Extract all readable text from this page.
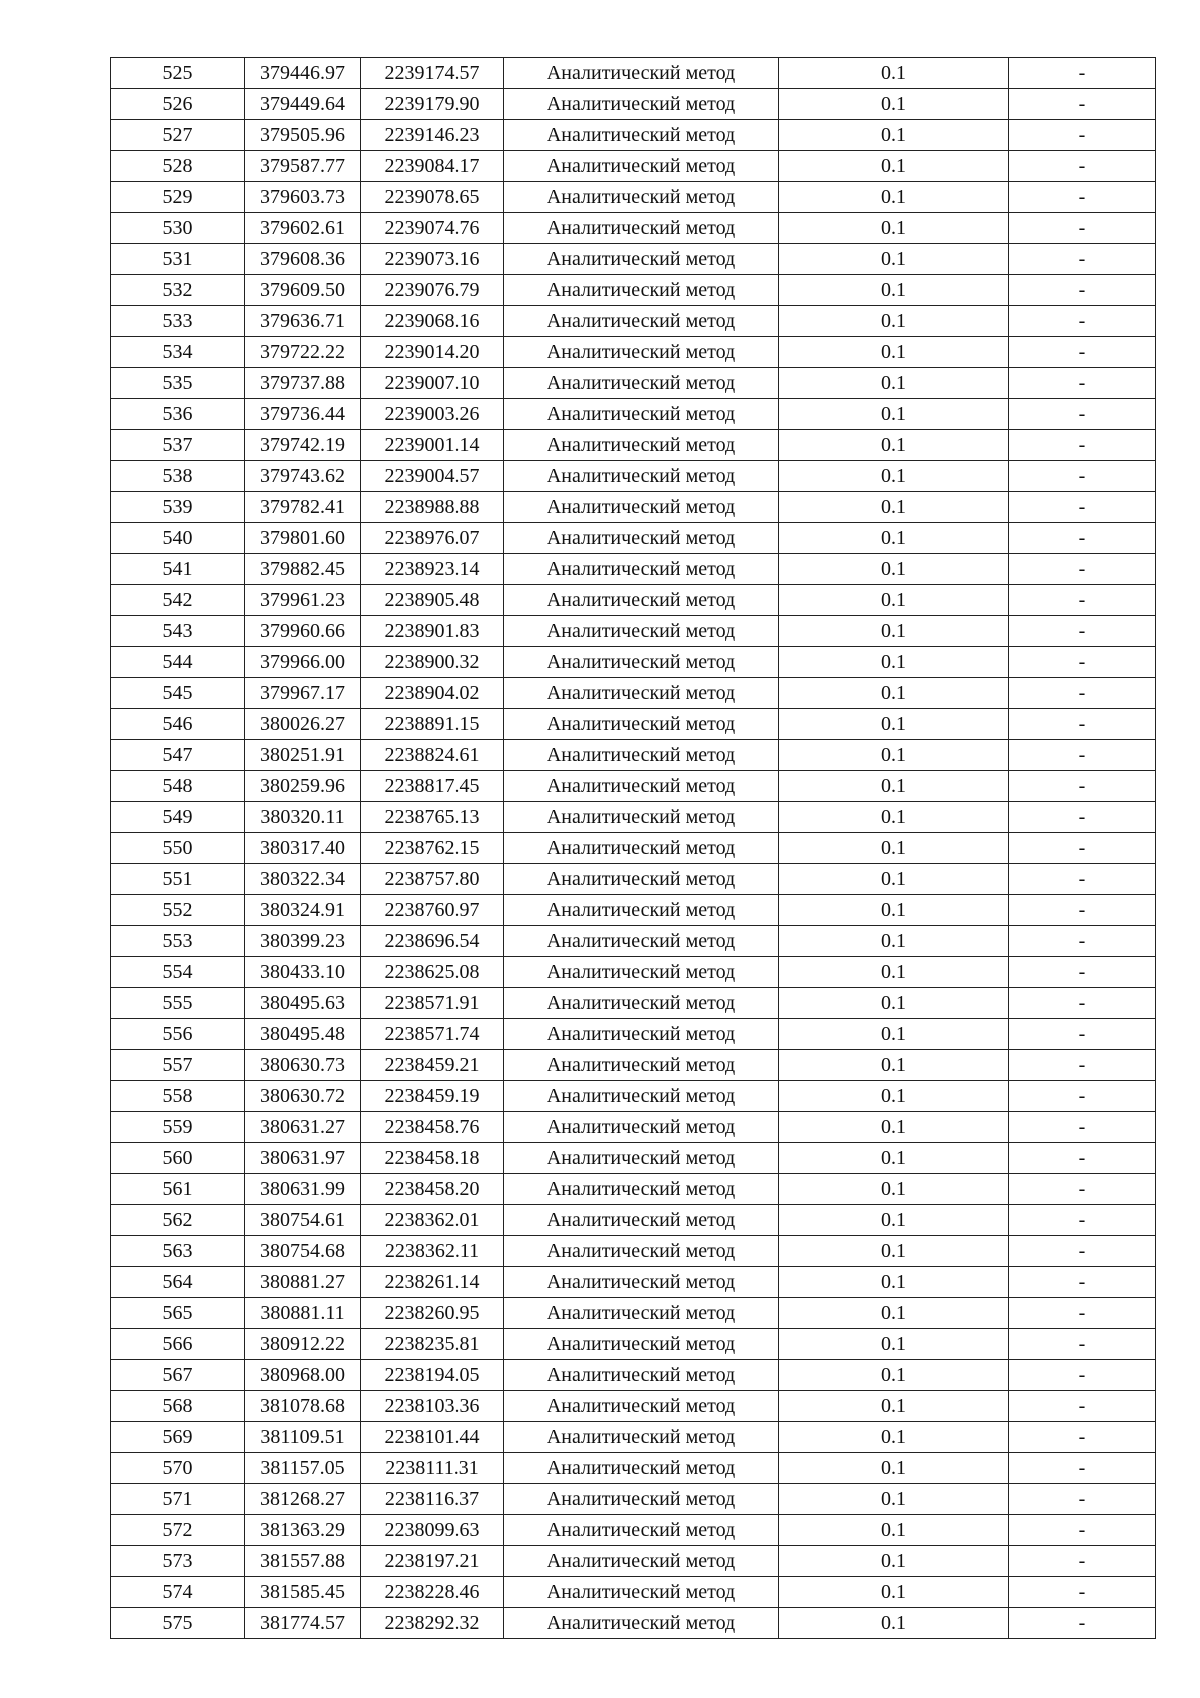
525	379446.97	2239174.57	Аналитический метод	0.1	-
526	379449.64	2239179.90	Аналитический метод	0.1	-
527	379505.96	2239146.23	Аналитический метод	0.1	-
528	379587.77	2239084.17	Аналитический метод	0.1	-
529	379603.73	2239078.65	Аналитический метод	0.1	-
530	379602.61	2239074.76	Аналитический метод	0.1	-
531	379608.36	2239073.16	Аналитический метод	0.1	-
532	379609.50	2239076.79	Аналитический метод	0.1	-
533	379636.71	2239068.16	Аналитический метод	0.1	-
534	379722.22	2239014.20	Аналитический метод	0.1	-
535	379737.88	2239007.10	Аналитический метод	0.1	-
536	379736.44	2239003.26	Аналитический метод	0.1	-
537	379742.19	2239001.14	Аналитический метод	0.1	-
538	379743.62	2239004.57	Аналитический метод	0.1	-
539	379782.41	2238988.88	Аналитический метод	0.1	-
540	379801.60	2238976.07	Аналитический метод	0.1	-
541	379882.45	2238923.14	Аналитический метод	0.1	-
542	379961.23	2238905.48	Аналитический метод	0.1	-
543	379960.66	2238901.83	Аналитический метод	0.1	-
544	379966.00	2238900.32	Аналитический метод	0.1	-
545	379967.17	2238904.02	Аналитический метод	0.1	-
546	380026.27	2238891.15	Аналитический метод	0.1	-
547	380251.91	2238824.61	Аналитический метод	0.1	-
548	380259.96	2238817.45	Аналитический метод	0.1	-
549	380320.11	2238765.13	Аналитический метод	0.1	-
550	380317.40	2238762.15	Аналитический метод	0.1	-
551	380322.34	2238757.80	Аналитический метод	0.1	-
552	380324.91	2238760.97	Аналитический метод	0.1	-
553	380399.23	2238696.54	Аналитический метод	0.1	-
554	380433.10	2238625.08	Аналитический метод	0.1	-
555	380495.63	2238571.91	Аналитический метод	0.1	-
556	380495.48	2238571.74	Аналитический метод	0.1	-
557	380630.73	2238459.21	Аналитический метод	0.1	-
558	380630.72	2238459.19	Аналитический метод	0.1	-
559	380631.27	2238458.76	Аналитический метод	0.1	-
560	380631.97	2238458.18	Аналитический метод	0.1	-
561	380631.99	2238458.20	Аналитический метод	0.1	-
562	380754.61	2238362.01	Аналитический метод	0.1	-
563	380754.68	2238362.11	Аналитический метод	0.1	-
564	380881.27	2238261.14	Аналитический метод	0.1	-
565	380881.11	2238260.95	Аналитический метод	0.1	-
566	380912.22	2238235.81	Аналитический метод	0.1	-
567	380968.00	2238194.05	Аналитический метод	0.1	-
568	381078.68	2238103.36	Аналитический метод	0.1	-
569	381109.51	2238101.44	Аналитический метод	0.1	-
570	381157.05	2238111.31	Аналитический метод	0.1	-
571	381268.27	2238116.37	Аналитический метод	0.1	-
572	381363.29	2238099.63	Аналитический метод	0.1	-
573	381557.88	2238197.21	Аналитический метод	0.1	-
574	381585.45	2238228.46	Аналитический метод	0.1	-
575	381774.57	2238292.32	Аналитический метод	0.1	-
